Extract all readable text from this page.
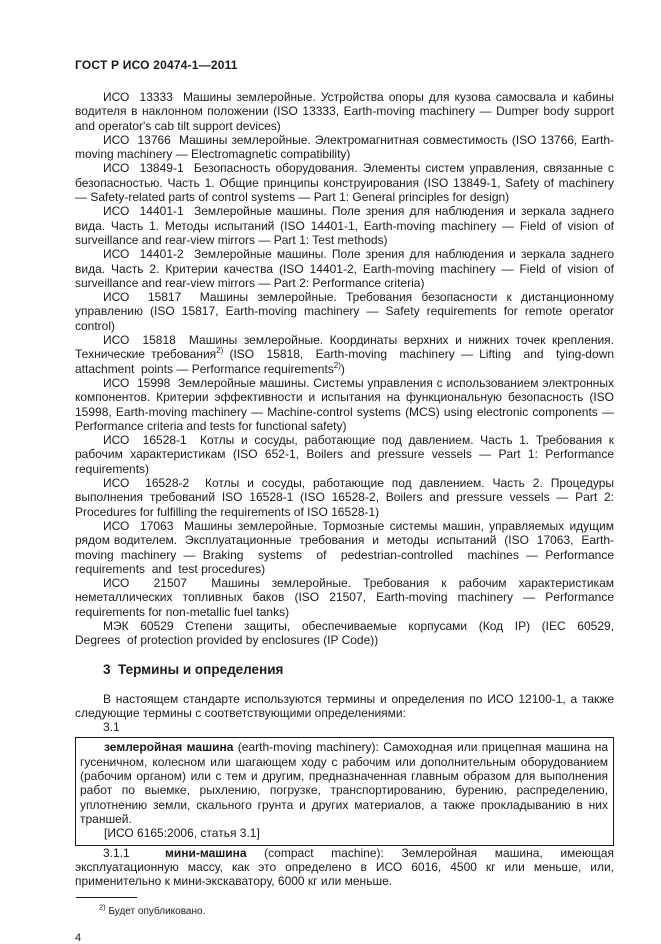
ГОСТ Р ИСО 20474-1—2011

ИСО  13333  Машины землеройные. Устройства опоры для кузова самосвала и кабины водителя в наклонном положении (ISO 13333, Earth-moving machinery — Dumper body support and operator's cab tilt support devices)

ИСО  13766  Машины землеройные. Электромагнитная совместимость (ISO 13766, Earth-moving machinery — Electromagnetic compatibility)

ИСО  13849-1  Безопасность оборудования. Элементы систем управления, связанные с безопасностью. Часть 1. Общие принципы конструирования (ISO 13849-1, Safety of machinery — Safety-related parts of control systems — Part 1: General principles for design)

ИСО  14401-1  Землеройные машины. Поле зрения для наблюдения и зеркала заднего вида. Часть 1. Методы испытаний (ISO 14401-1, Earth-moving machinery — Field of vision of surveillance and rear-view mirrors — Part 1: Test methods)

ИСО  14401-2  Землеройные машины. Поле зрения для наблюдения и зеркала заднего вида. Часть 2. Критерии качества (ISO 14401-2, Earth-moving machinery — Field of vision of surveillance and rear-view mirrors — Part 2: Performance criteria)

ИСО  15817  Машины землеройные. Требования безопасности к дистанционному управлению (ISO 15817, Earth-moving machinery — Safety requirements for remote operator control)

ИСО  15818  Машины землеройные. Координаты верхних и нижних точек крепления. Технические требования$^{2)}$ (ISO  15818,  Earth-moving  machinery — Lifting  and  tying-down  attachment  points — Performance requirements$^{2)}$)

ИСО  15998  Землеройные машины. Системы управления с использованием электронных компонентов. Критерии эффективности и испытания на функциональную безопасность (ISO 15998, Earth-moving machinery — Machine-control systems (MCS) using electronic components — Performance criteria and tests for functional safety)

ИСО  16528-1  Котлы и сосуды, работающие под давлением. Часть 1. Требования к рабочим характеристикам (ISO 652-1, Boilers and pressure vessels — Part 1: Performance requirements)

ИСО  16528-2  Котлы и сосуды, работающие под давлением. Часть 2. Процедуры выполнения требований ISO 16528-1 (ISO 16528-2, Boilers and pressure vessels — Part 2: Procedures for fulfilling the requirements of ISO 16528-1)

ИСО  17063  Машины землеройные. Тормозные системы машин, управляемых идущим рядом водителем.  Эксплуатационные  требования  и  методы  испытаний  (ISO  17063,  Earth-moving machinery — Braking  systems  of  pedestrian-controlled  machines — Performance  requirements  and  test procedures)

ИСО  21507  Машины землеройные. Требования к рабочим характеристикам неметаллических топливных баков (ISO 21507, Earth-moving machinery — Performance requirements for non-metallic fuel tanks)

МЭК  60529  Степени  защиты,  обеспечиваемые  корпусами  (Код  IP)  (IEC  60529,  Degrees  of protection provided by enclosures (IP Code))

3  Термины и определения

В настоящем стандарте используются термины и определения по ИСО 12100-1, а также следующие термины с соответствующими определениями:

3.1

землеройная машина (earth-moving machinery): Самоходная или прицепная машина на гусеничном, колесном или шагающем ходу с рабочим или дополнительным оборудованием (рабочим органом) или с тем и другим, предназначенная главным образом для выполнения работ по выемке, рыхлению, погрузке, транспортированию, бурению, распределению, уплотнению земли, скального грунта и других материалов, а также прокладыванию в них траншей.

[ИСО 6165:2006, статья 3.1]

3.1.1  мини-машина (compact machine): Землеройная машина, имеющая эксплуатационную массу, как это определено в ИСО 6016, 4500 кг или меньше, или, применительно к мини-экскаватору, 6000 кг или меньше.

$^{2)}$ Будет опубликовано.

4
